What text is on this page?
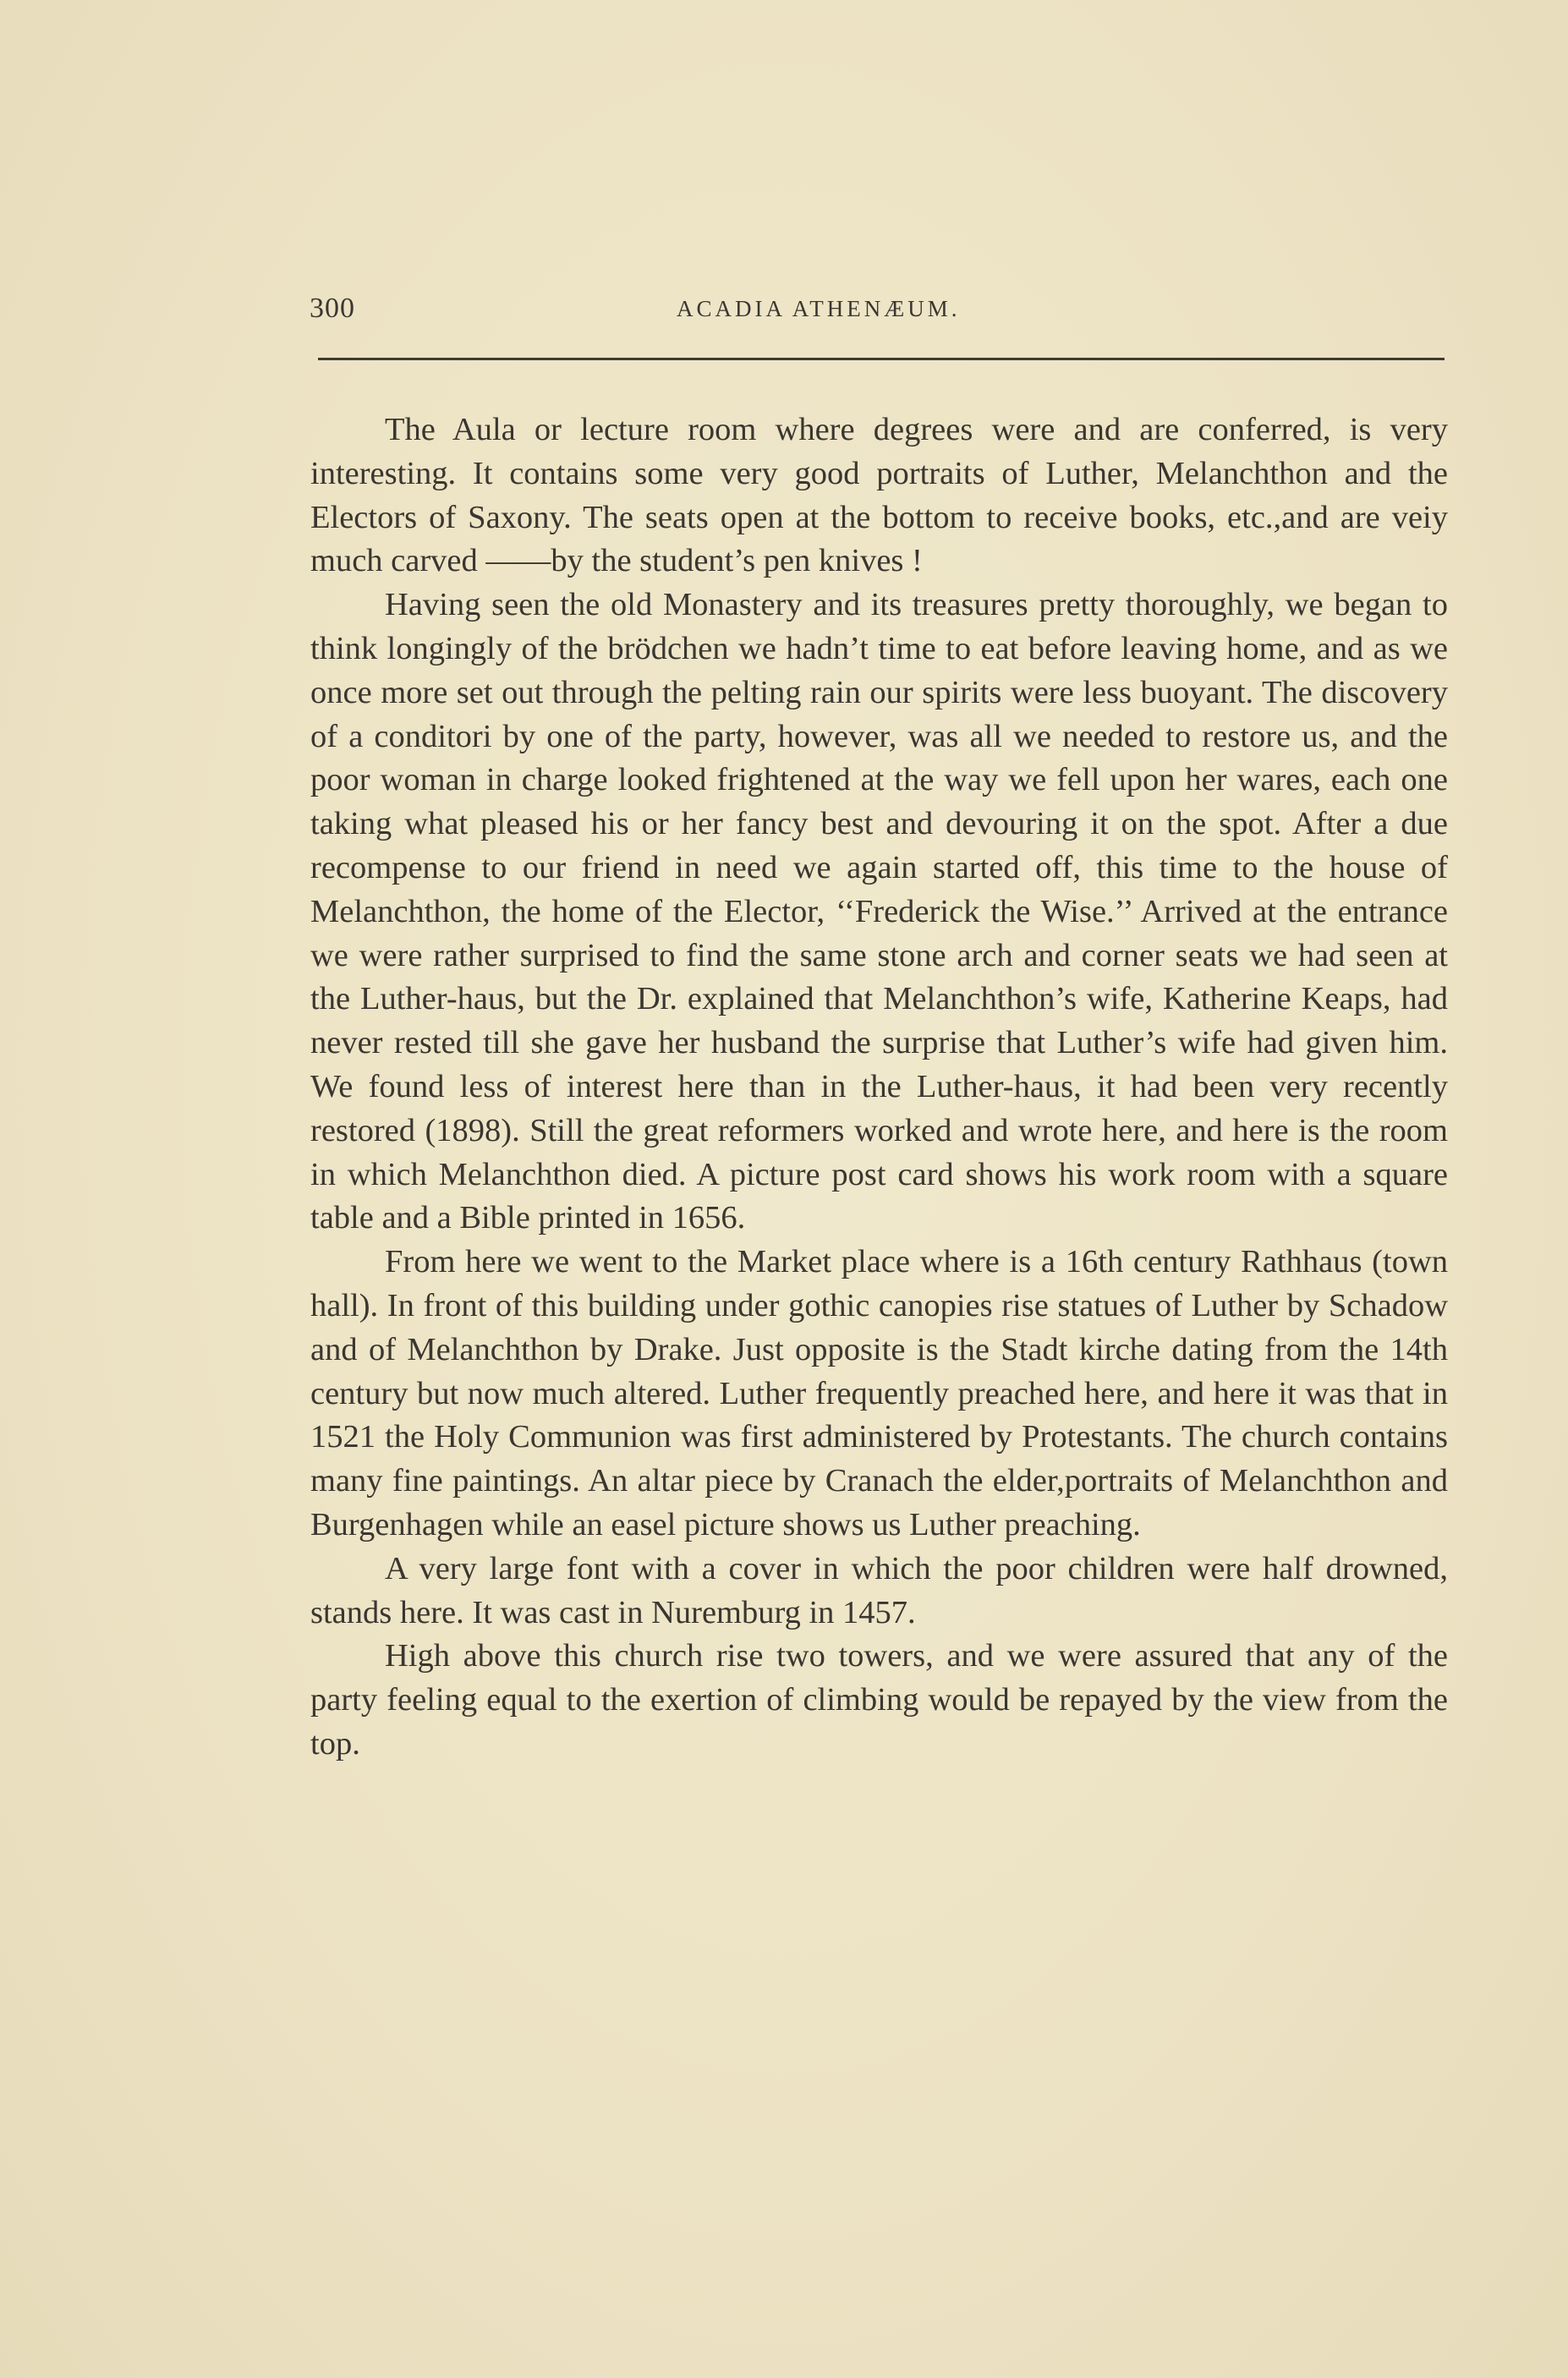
300	ACADIA ATHENÆUM.

The Aula or lecture room where degrees were and are conferred, is very interesting. It contains some very good portraits of Luther, Melanchthon and the Electors of Saxony. The seats open at the bottom to receive books, etc.,and are veiy much carved ——by the student’s pen knives !

Having seen the old Monastery and its treasures pretty thoroughly, we began to think longingly of the brödchen we hadn’t time to eat before leaving home, and as we once more set out through the pelting rain our spirits were less buoyant. The discovery of a conditori by one of the party, however, was all we needed to restore us, and the poor woman in charge looked frightened at the way we fell upon her wares, each one taking what pleased his or her fancy best and devouring it on the spot. After a due recompense to our friend in need we again started off, this time to the house of Melanchthon, the home of the Elector, ‘‘Frederick the Wise.’’ Arrived at the entrance we were rather surprised to find the same stone arch and corner seats we had seen at the Luther-haus, but the Dr. explained that Melanchthon’s wife, Katherine Keaps, had never rested till she gave her husband the surprise that Luther’s wife had given him. We found less of interest here than in the Luther-haus, it had been very recently restored (1898). Still the great reformers worked and wrote here, and here is the room in which Melanchthon died. A picture post card shows his work room with a square table and a Bible printed in 1656.

From here we went to the Market place where is a 16th century Rathhaus (town hall). In front of this building under gothic canopies rise statues of Luther by Schadow and of Melanchthon by Drake. Just opposite is the Stadt kirche dating from the 14th century but now much altered. Luther frequently preached here, and here it was that in 1521 the Holy Communion was first administered by Protestants. The church contains many fine paintings. An altar piece by Cranach the elder,portraits of Melanchthon and Burgenhagen while an easel picture shows us Luther preaching.

A very large font with a cover in which the poor children were half drowned, stands here. It was cast in Nuremburg in 1457.

High above this church rise two towers, and we were assured that any of the party feeling equal to the exertion of climbing would be repayed by the view from the top.
